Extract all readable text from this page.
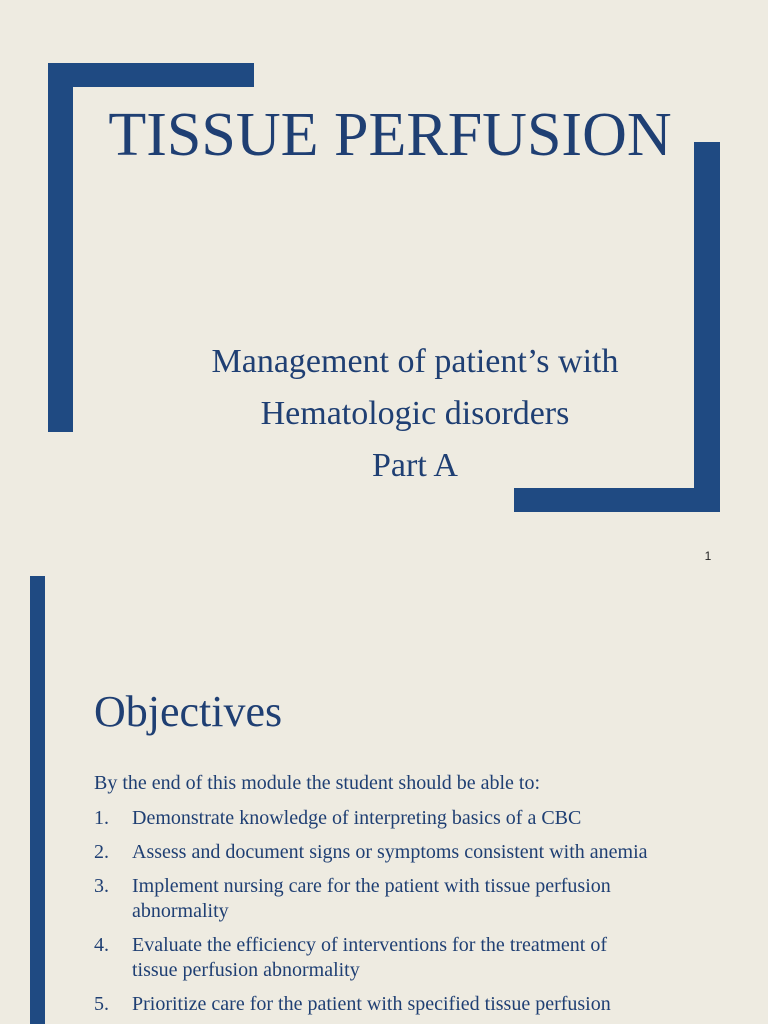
TISSUE PERFUSION
Management of patient’s with
Hematologic disorders
Part A
1
Objectives
By the end of this module the student should be able to:
1. Demonstrate knowledge of interpreting basics of a CBC
2. Assess and document signs or symptoms consistent with anemia
3. Implement nursing care for the patient with tissue perfusion abnormality
4. Evaluate the efficiency of interventions for the treatment of tissue perfusion abnormality
5. Prioritize care for the patient with specified tissue perfusion
